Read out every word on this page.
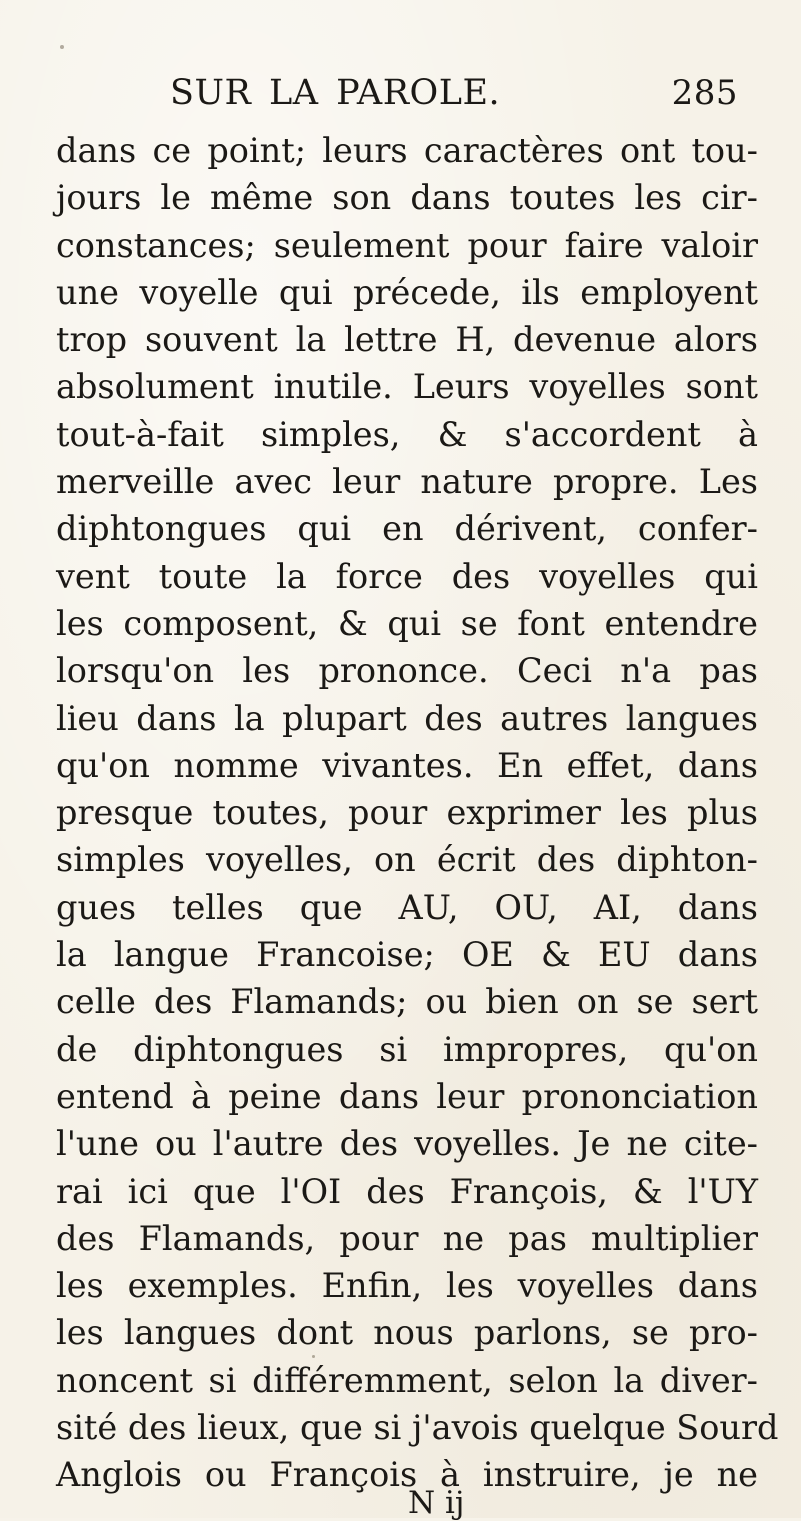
SUR LA PAROLE.	285
dans ce point; leurs caractères ont tou-
jours le même son dans toutes les cir-
constances; seulement pour faire valoir
une voyelle qui précede, ils employent
trop souvent la lettre H, devenue alors
absolument inutile. Leurs voyelles sont
tout-à-fait simples, & s'accordent à
merveille avec leur nature propre. Les
diphtongues qui en dérivent, confer-
vent toute la force des voyelles qui
les composent, & qui se font entendre
lorsqu'on les prononce. Ceci n'a pas
lieu dans la plupart des autres langues
qu'on nomme vivantes. En effet, dans
presque toutes, pour exprimer les plus
simples voyelles, on écrit des diphton-
gues telles que AU, OU, AI, dans
la langue Francoise; OE & EU dans
celle des Flamands; ou bien on se sert
de diphtongues si impropres, qu'on
entend à peine dans leur prononciation
l'une ou l'autre des voyelles. Je ne cite-
rai ici que l'OI des François, & l'UY
des Flamands, pour ne pas multiplier
les exemples. Enfin, les voyelles dans
les langues dont nous parlons, se pro-
noncent si différemment, selon la diver-
sité des lieux, que si j'avois quelque Sourd
Anglois ou François à instruire, je ne
N ij
